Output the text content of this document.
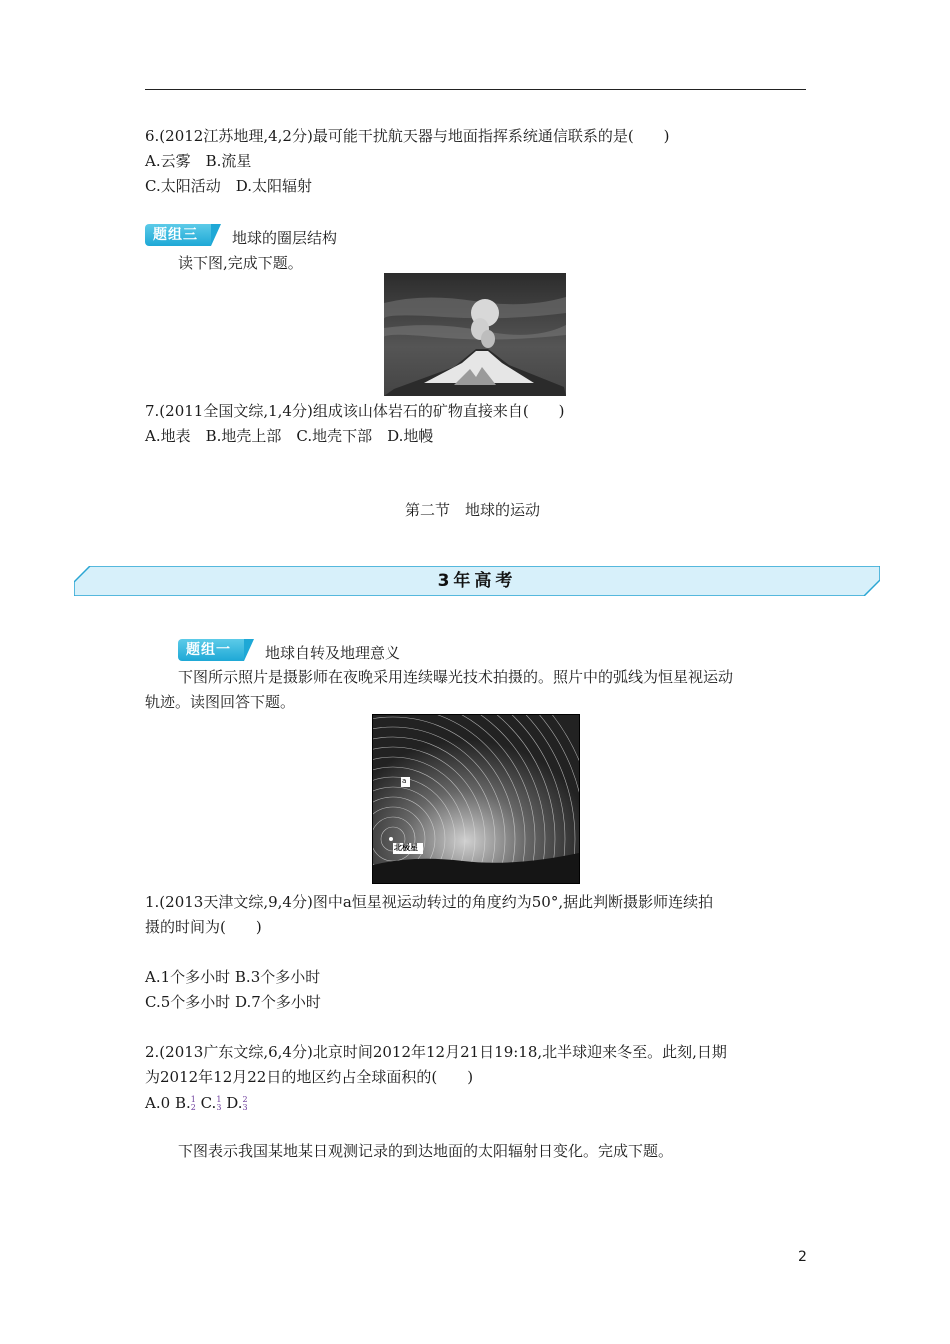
6.(2012江苏地理,4,2分)最可能干扰航天器与地面指挥系统通信联系的是(　　)
A.云雾　B.流星
C.太阳活动　D.太阳辐射
题组三	地球的圈层结构
读下图,完成下题。
7.(2011全国文综,1,4分)组成该山体岩石的矿物直接来自(　　)
A.地表　B.地壳上部　C.地壳下部　D.地幔
第二节　地球的运动
3年高考
题组一	地球自转及地理意义
下图所示照片是摄影师在夜晚采用连续曝光技术拍摄的。照片中的弧线为恒星视运动
轨迹。读图回答下题。
a
北极星
1.(2013天津文综,9,4分)图中a恒星视运动转过的角度约为50°,据此判断摄影师连续拍
摄的时间为(　　)
A.1个多小时 B.3个多小时
C.5个多小时 D.7个多小时
2.(2013广东文综,6,4分)北京时间2012年12月21日19:18,北半球迎来冬至。此刻,日期
为2012年12月22日的地区约占全球面积的(　　)
A.0 B. 1
2 C. 1
3 D. 2
3
下图表示我国某地某日观测记录的到达地面的太阳辐射日变化。完成下题。
2
